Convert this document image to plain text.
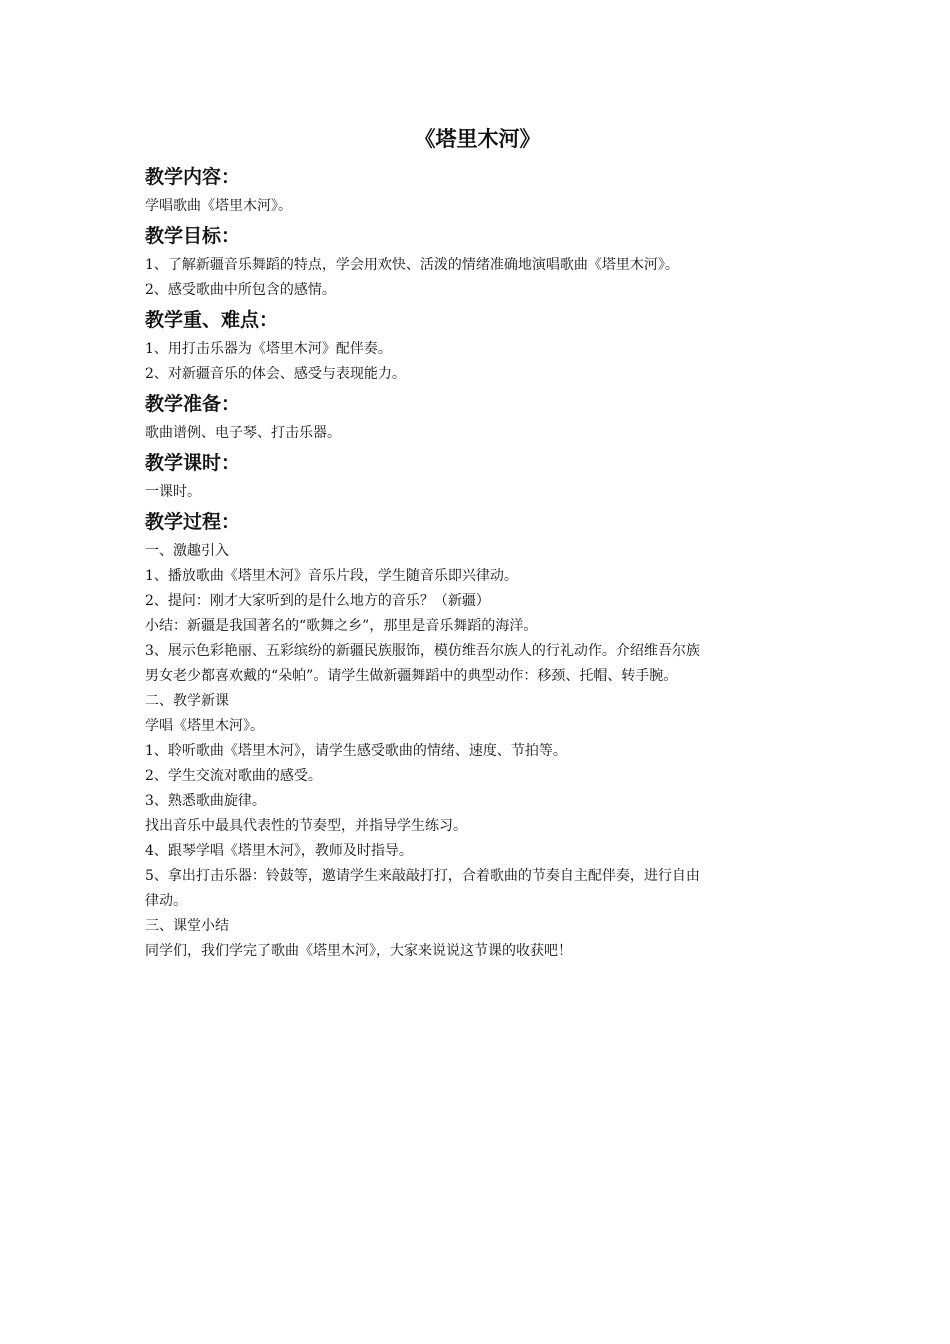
《塔里木河》
教学内容：

学唱歌曲《塔里木河》。

教学目标：

1、了解新疆音乐舞蹈的特点，学会用欢快、活泼的情绪准确地演唱歌曲《塔里木河》。

2、感受歌曲中所包含的感情。

教学重、难点：

1、用打击乐器为《塔里木河》配伴奏。

2、对新疆音乐的体会、感受与表现能力。

教学准备：

歌曲谱例、电子琴、打击乐器。

教学课时：

一课时。

教学过程：

一、激趣引入

1、播放歌曲《塔里木河》音乐片段，学生随音乐即兴律动。

2、提问：刚才大家听到的是什么地方的音乐？（新疆）

小结：新疆是我国著名的“歌舞之乡”，那里是音乐舞蹈的海洋。

3、展示色彩艳丽、五彩缤纷的新疆民族服饰，模仿维吾尔族人的行礼动作。介绍维吾尔族

男女老少都喜欢戴的“朵帕”。请学生做新疆舞蹈中的典型动作：移颈、托帽、转手腕。

二、教学新课

学唱《塔里木河》。

1、聆听歌曲《塔里木河》，请学生感受歌曲的情绪、速度、节拍等。

2、学生交流对歌曲的感受。

3、熟悉歌曲旋律。

找出音乐中最具代表性的节奏型，并指导学生练习。

4、跟琴学唱《塔里木河》，教师及时指导。

5、拿出打击乐器：铃鼓等，邀请学生来敲敲打打，合着歌曲的节奏自主配伴奏，进行自由

律动。

三、课堂小结

同学们，我们学完了歌曲《塔里木河》，大家来说说这节课的收获吧！
